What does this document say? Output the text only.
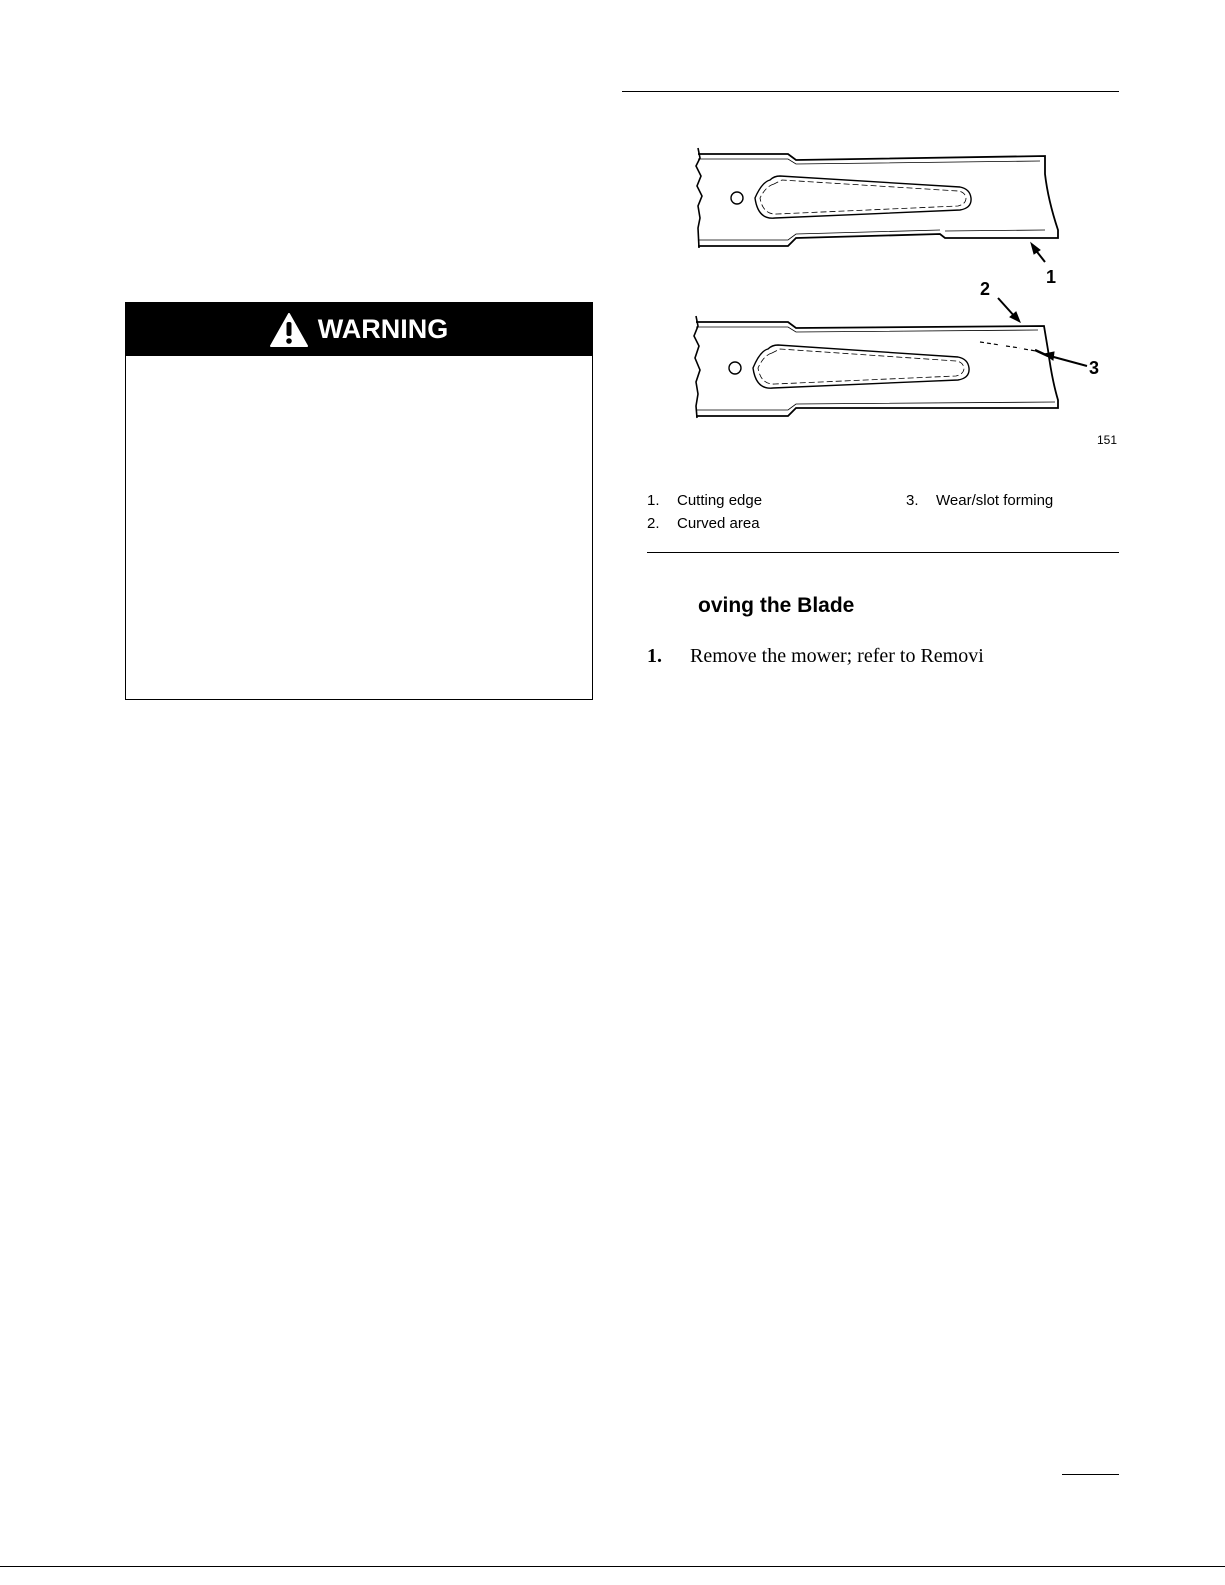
WARNING
1
2
3
151
1. Cutting edge
2. Curved area
3. Wear/slot forming
oving the Blade
1. Remove the mower; refer to Removi
